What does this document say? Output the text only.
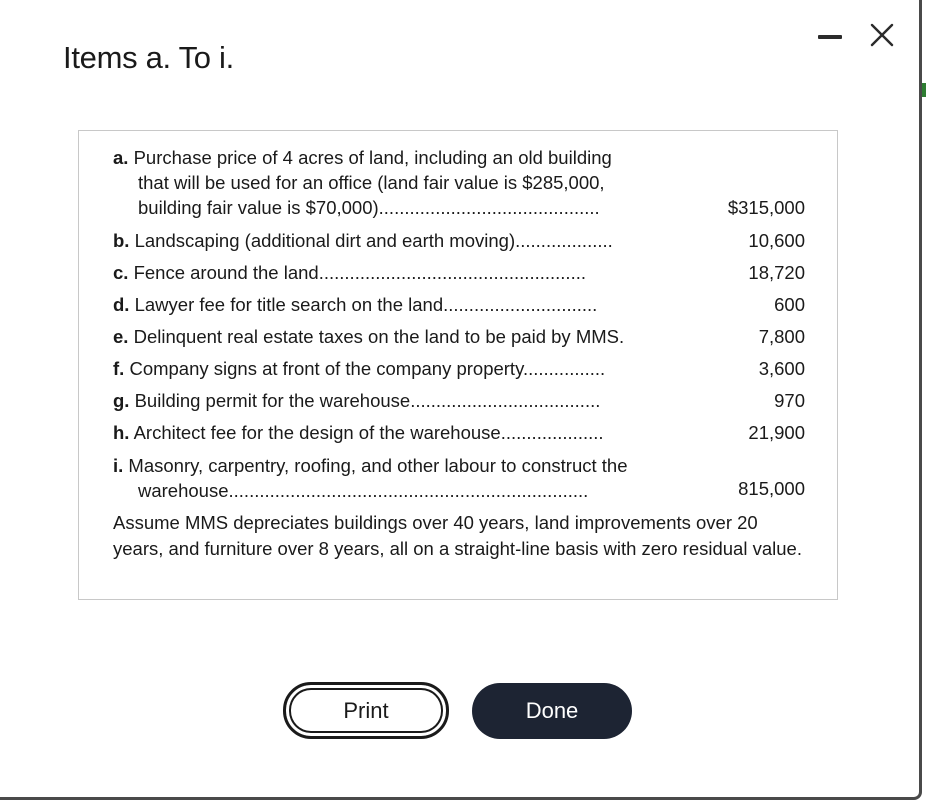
Items a. To i.
a. Purchase price of 4 acres of land, including an old building
that will be used for an office (land fair value is $285,000,
building fair value is $70,000)...........................................	$315,000
b. Landscaping (additional dirt and earth moving)...................	10,600
c. Fence around the land....................................................	18,720
d. Lawyer fee for title search on the land..............................	600
e. Delinquent real estate taxes on the land to be paid by MMS.	7,800
f. Company signs at front of the company property................	3,600
g. Building permit for the warehouse.....................................	970
h. Architect fee for the design of the warehouse....................	21,900
i. Masonry, carpentry, roofing, and other labour to construct the
warehouse......................................................................	815,000
Assume MMS depreciates buildings over 40 years, land improvements over 20 years, and furniture over 8 years, all on a straight-line basis with zero residual value.
Print	Done
